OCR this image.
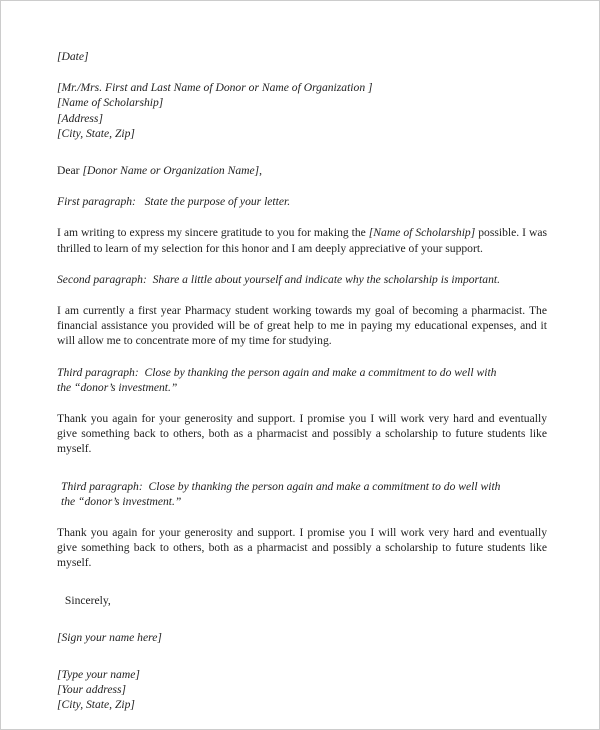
[Date]
[Mr./Mrs. First and Last Name of Donor or Name of Organization ]
[Name of Scholarship]
[Address]
[City, State, Zip]

Dear [Donor Name or Organization Name],

First paragraph:   State the purpose of your letter.

I am writing to express my sincere gratitude to you for making the [Name of Scholarship] possible. I was thrilled to learn of my selection for this honor and I am deeply appreciative of your support.

Second paragraph:  Share a little about yourself and indicate why the scholarship is important.

I am currently a first year Pharmacy student working towards my goal of becoming a pharmacist. The financial assistance you provided will be of great help to me in paying my educational expenses, and it will allow me to concentrate more of my time for studying.

Third paragraph:  Close by thanking the person again and make a commitment to do well with
the “donor’s investment.”

Thank you again for your generosity and support. I promise you I will work very hard and eventually give something back to others, both as a pharmacist and possibly a scholarship to future students like myself.

Third paragraph:  Close by thanking the person again and make a commitment to do well with
the “donor’s investment.”

Thank you again for your generosity and support. I promise you I will work very hard and eventually give something back to others, both as a pharmacist and possibly a scholarship to future students like myself.

Sincerely,

[Sign your name here]
[Type your name]
[Your address]
[City, State, Zip]
